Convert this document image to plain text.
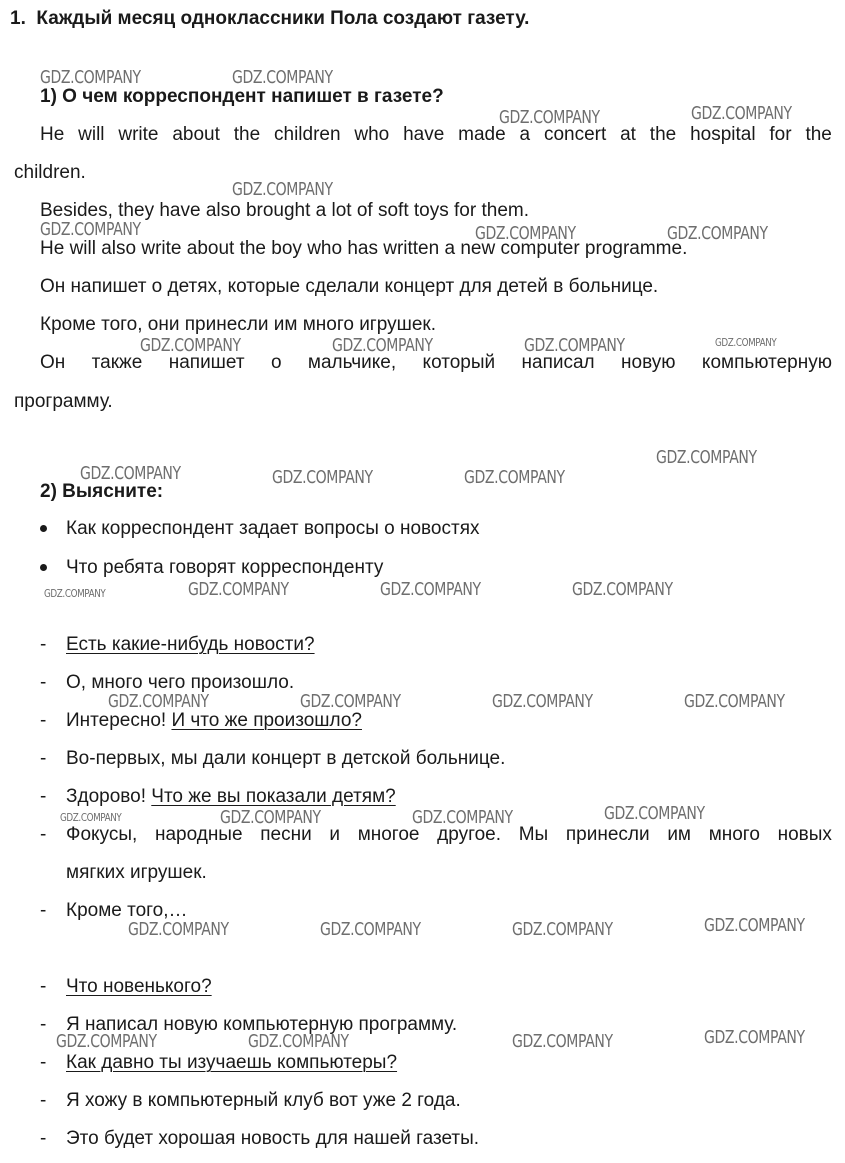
1. Каждый месяц одноклассники Пола создают газету.
1) О чем корреспондент напишет в газете?
He will write about the children who have made a concert at the hospital for the
children.
Besides, they have also brought a lot of soft toys for them.
He will also write about the boy who has written a new computer programme.
Он напишет о детях, которые сделали концерт для детей в больнице.
Кроме того, они принесли им много игрушек.
Он также напишет о мальчике, который написал новую компьютерную
программу.
2) Выясните:
Как корреспондент задает вопросы о новостях
Что ребята говорят корреспонденту
- Есть какие-нибудь новости?
- О, много чего произошло.
- Интересно! И что же произошло?
- Во-первых, мы дали концерт в детской больнице.
- Здорово! Что же вы показали детям?
- Фокусы, народные песни и многое другое. Мы принесли им много новых
мягких игрушек.
- Кроме того,…
- Что новенького?
- Я написал новую компьютерную программу.
- Как давно ты изучаешь компьютеры?
- Я хожу в компьютерный клуб вот уже 2 года.
- Это будет хорошая новость для нашей газеты.
GDZ.COMPANY	GDZ.COMPANY
GDZ.COMPANY	GDZ.COMPANY
GDZ.COMPANY
GDZ.COMPANY	GDZ.COMPANY	GDZ.COMPANY
GDZ.COMPANY	GDZ.COMPANY	GDZ.COMPANY	GDZ.COMPANY
GDZ.COMPANY
GDZ.COMPANY	GDZ.COMPANY	GDZ.COMPANY
GDZ.COMPANY	GDZ.COMPANY	GDZ.COMPANY	GDZ.COMPANY
GDZ.COMPANY	GDZ.COMPANY	GDZ.COMPANY	GDZ.COMPANY
GDZ.COMPANY	GDZ.COMPANY	GDZ.COMPANY	GDZ.COMPANY
GDZ.COMPANY	GDZ.COMPANY	GDZ.COMPANY	GDZ.COMPANY
GDZ.COMPANY	GDZ.COMPANY	GDZ.COMPANY	GDZ.COMPANY
